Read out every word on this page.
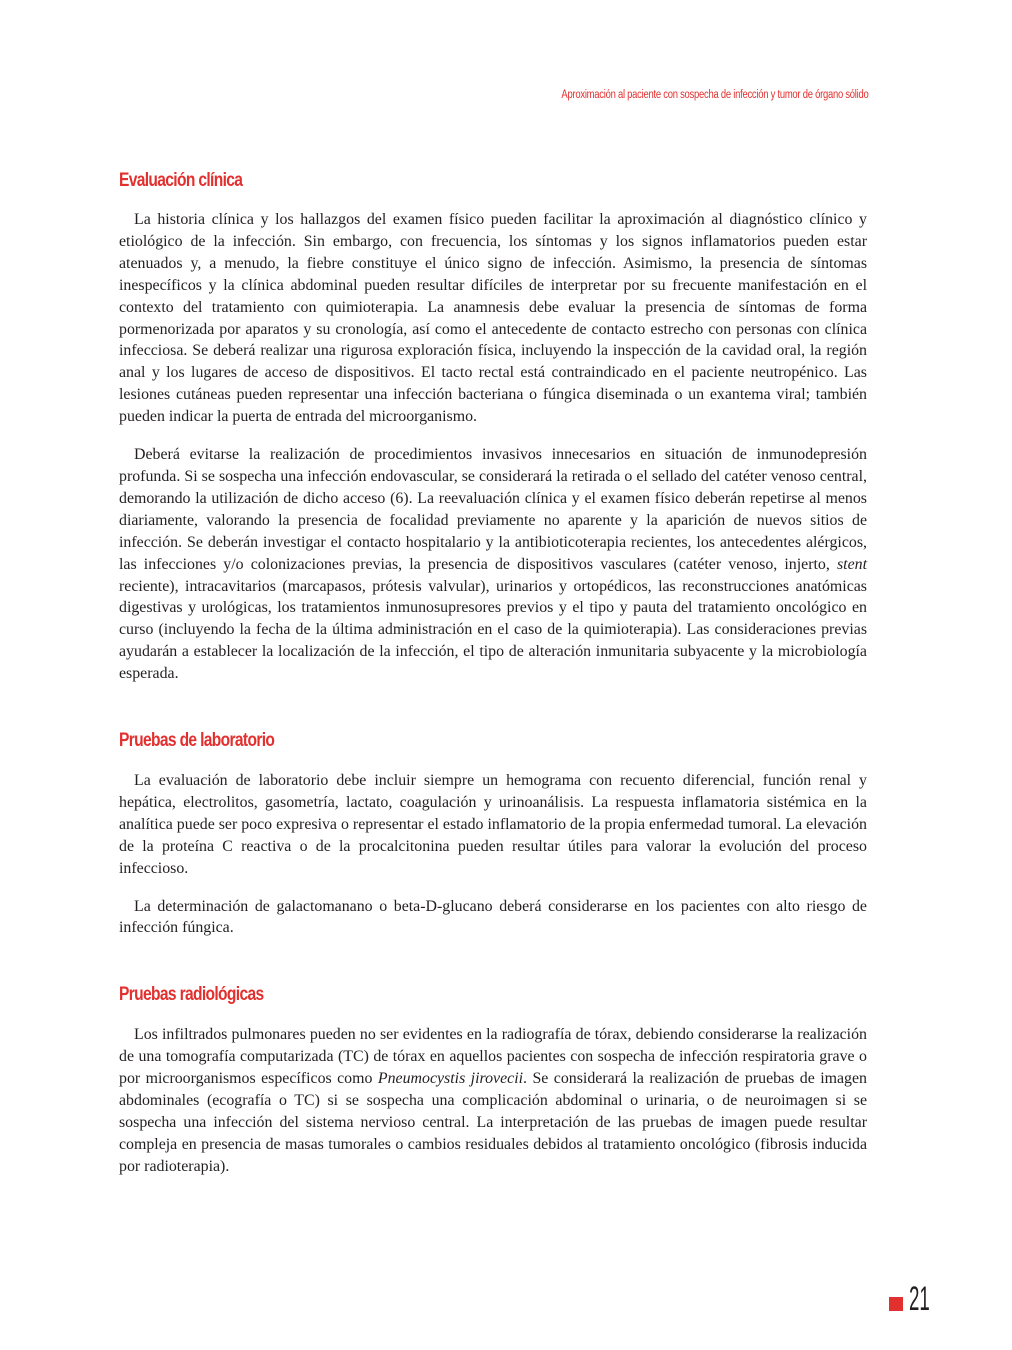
Aproximación al paciente con sospecha de infección y tumor de órgano sólido
Evaluación clínica

La historia clínica y los hallazgos del examen físico pueden facilitar la aproximación al diagnóstico clínico y etiológico de la infección. Sin embargo, con frecuencia, los síntomas y los signos inflamatorios pueden estar atenuados y, a menudo, la fiebre constituye el único signo de infección. Asimismo, la presencia de síntomas inespecíficos y la clínica abdominal pueden resultar difíciles de interpretar por su frecuente manifestación en el contexto del tratamiento con quimioterapia. La anamnesis debe evaluar la presencia de síntomas de forma pormenorizada por aparatos y su cronología, así como el antecedente de contacto estrecho con personas con clínica infecciosa. Se deberá realizar una rigurosa exploración física, incluyendo la inspección de la cavidad oral, la región anal y los lugares de acceso de dispositivos. El tacto rectal está contraindicado en el paciente neutropénico. Las lesiones cutáneas pueden representar una infección bacteriana o fúngica diseminada o un exantema viral; también pueden indicar la puerta de entrada del microorganismo.

Deberá evitarse la realización de procedimientos invasivos innecesarios en situación de inmunodepresión profunda. Si se sospecha una infección endovascular, se considerará la retirada o el sellado del catéter venoso central, demorando la utilización de dicho acceso (6). La reevaluación clínica y el examen físico deberán repetirse al menos diariamente, valorando la presencia de focalidad previamente no aparente y la aparición de nuevos sitios de infección. Se deberán investigar el contacto hospitalario y la antibioticoterapia recientes, los antecedentes alérgicos, las infecciones y/o colonizaciones previas, la presencia de dispositivos vasculares (catéter venoso, injerto, stent reciente), intracavitarios (marcapasos, prótesis valvular), urinarios y ortopédicos, las reconstrucciones anatómicas digestivas y urológicas, los tratamientos inmunosupresores previos y el tipo y pauta del tratamiento oncológico en curso (incluyendo la fecha de la última administración en el caso de la quimioterapia). Las consideraciones previas ayudarán a establecer la localización de la infección, el tipo de alteración inmunitaria subyacente y la microbiología esperada.

Pruebas de laboratorio

La evaluación de laboratorio debe incluir siempre un hemograma con recuento diferencial, función renal y hepática, electrolitos, gasometría, lactato, coagulación y urinoanálisis. La respuesta inflamatoria sistémica en la analítica puede ser poco expresiva o representar el estado inflamatorio de la propia enfermedad tumoral. La elevación de la proteína C reactiva o de la procalcitonina pueden resultar útiles para valorar la evolución del proceso infeccioso.

La determinación de galactomanano o beta-D-glucano deberá considerarse en los pacientes con alto riesgo de infección fúngica.

Pruebas radiológicas

Los infiltrados pulmonares pueden no ser evidentes en la radiografía de tórax, debiendo considerarse la realización de una tomografía computarizada (TC) de tórax en aquellos pacientes con sospecha de infección respiratoria grave o por microorganismos específicos como Pneumocystis jirovecii. Se considerará la realización de pruebas de imagen abdominales (ecografía o TC) si se sospecha una complicación abdominal o urinaria, o de neuroimagen si se sospecha una infección del sistema nervioso central. La interpretación de las pruebas de imagen puede resultar compleja en presencia de masas tumorales o cambios residuales debidos al tratamiento oncológico (fibrosis inducida por radioterapia).

21
